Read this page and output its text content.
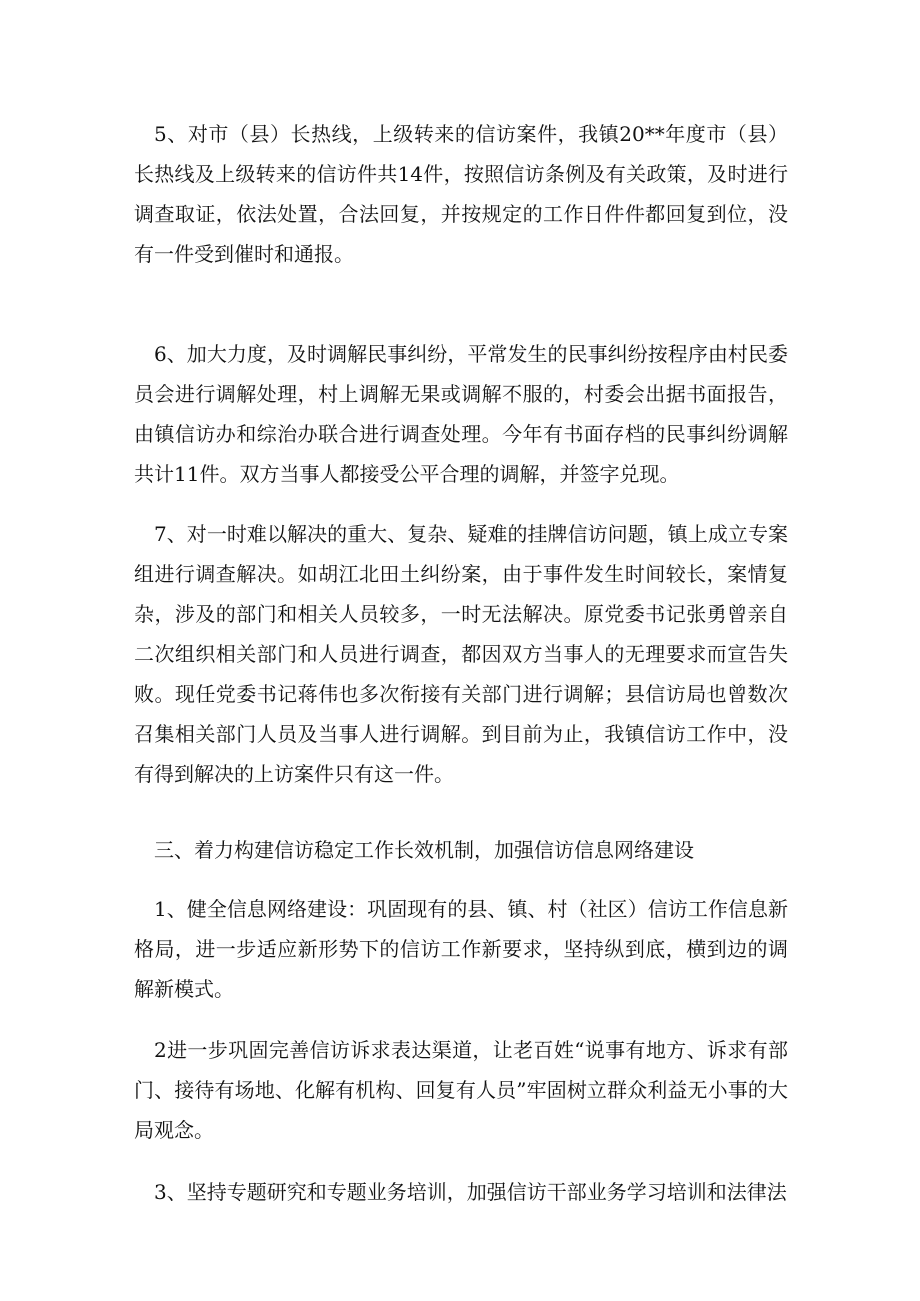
5、对市（县）长热线，上级转来的信访案件，我镇20**年度市（县）长热线及上级转来的信访件共14件，按照信访条例及有关政策，及时进行调查取证，依法处置，合法回复，并按规定的工作日件件都回复到位，没有一件受到催时和通报。

6、加大力度，及时调解民事纠纷，平常发生的民事纠纷按程序由村民委员会进行调解处理，村上调解无果或调解不服的，村委会出据书面报告，由镇信访办和综治办联合进行调查处理。今年有书面存档的民事纠纷调解共计11件。双方当事人都接受公平合理的调解，并签字兑现。

7、对一时难以解决的重大、复杂、疑难的挂牌信访问题，镇上成立专案组进行调查解决。如胡江北田土纠纷案，由于事件发生时间较长，案情复杂，涉及的部门和相关人员较多，一时无法解决。原党委书记张勇曾亲自二次组织相关部门和人员进行调查，都因双方当事人的无理要求而宣告失败。现任党委书记蒋伟也多次衔接有关部门进行调解；县信访局也曾数次召集相关部门人员及当事人进行调解。到目前为止，我镇信访工作中，没有得到解决的上访案件只有这一件。

三、着力构建信访稳定工作长效机制，加强信访信息网络建设

1、健全信息网络建设：巩固现有的县、镇、村（社区）信访工作信息新格局，进一步适应新形势下的信访工作新要求，坚持纵到底，横到边的调解新模式。

2进一步巩固完善信访诉求表达渠道，让老百姓“说事有地方、诉求有部门、接待有场地、化解有机构、回复有人员”牢固树立群众利益无小事的大局观念。

3、坚持专题研究和专题业务培训，加强信访干部业务学习培训和法律法
